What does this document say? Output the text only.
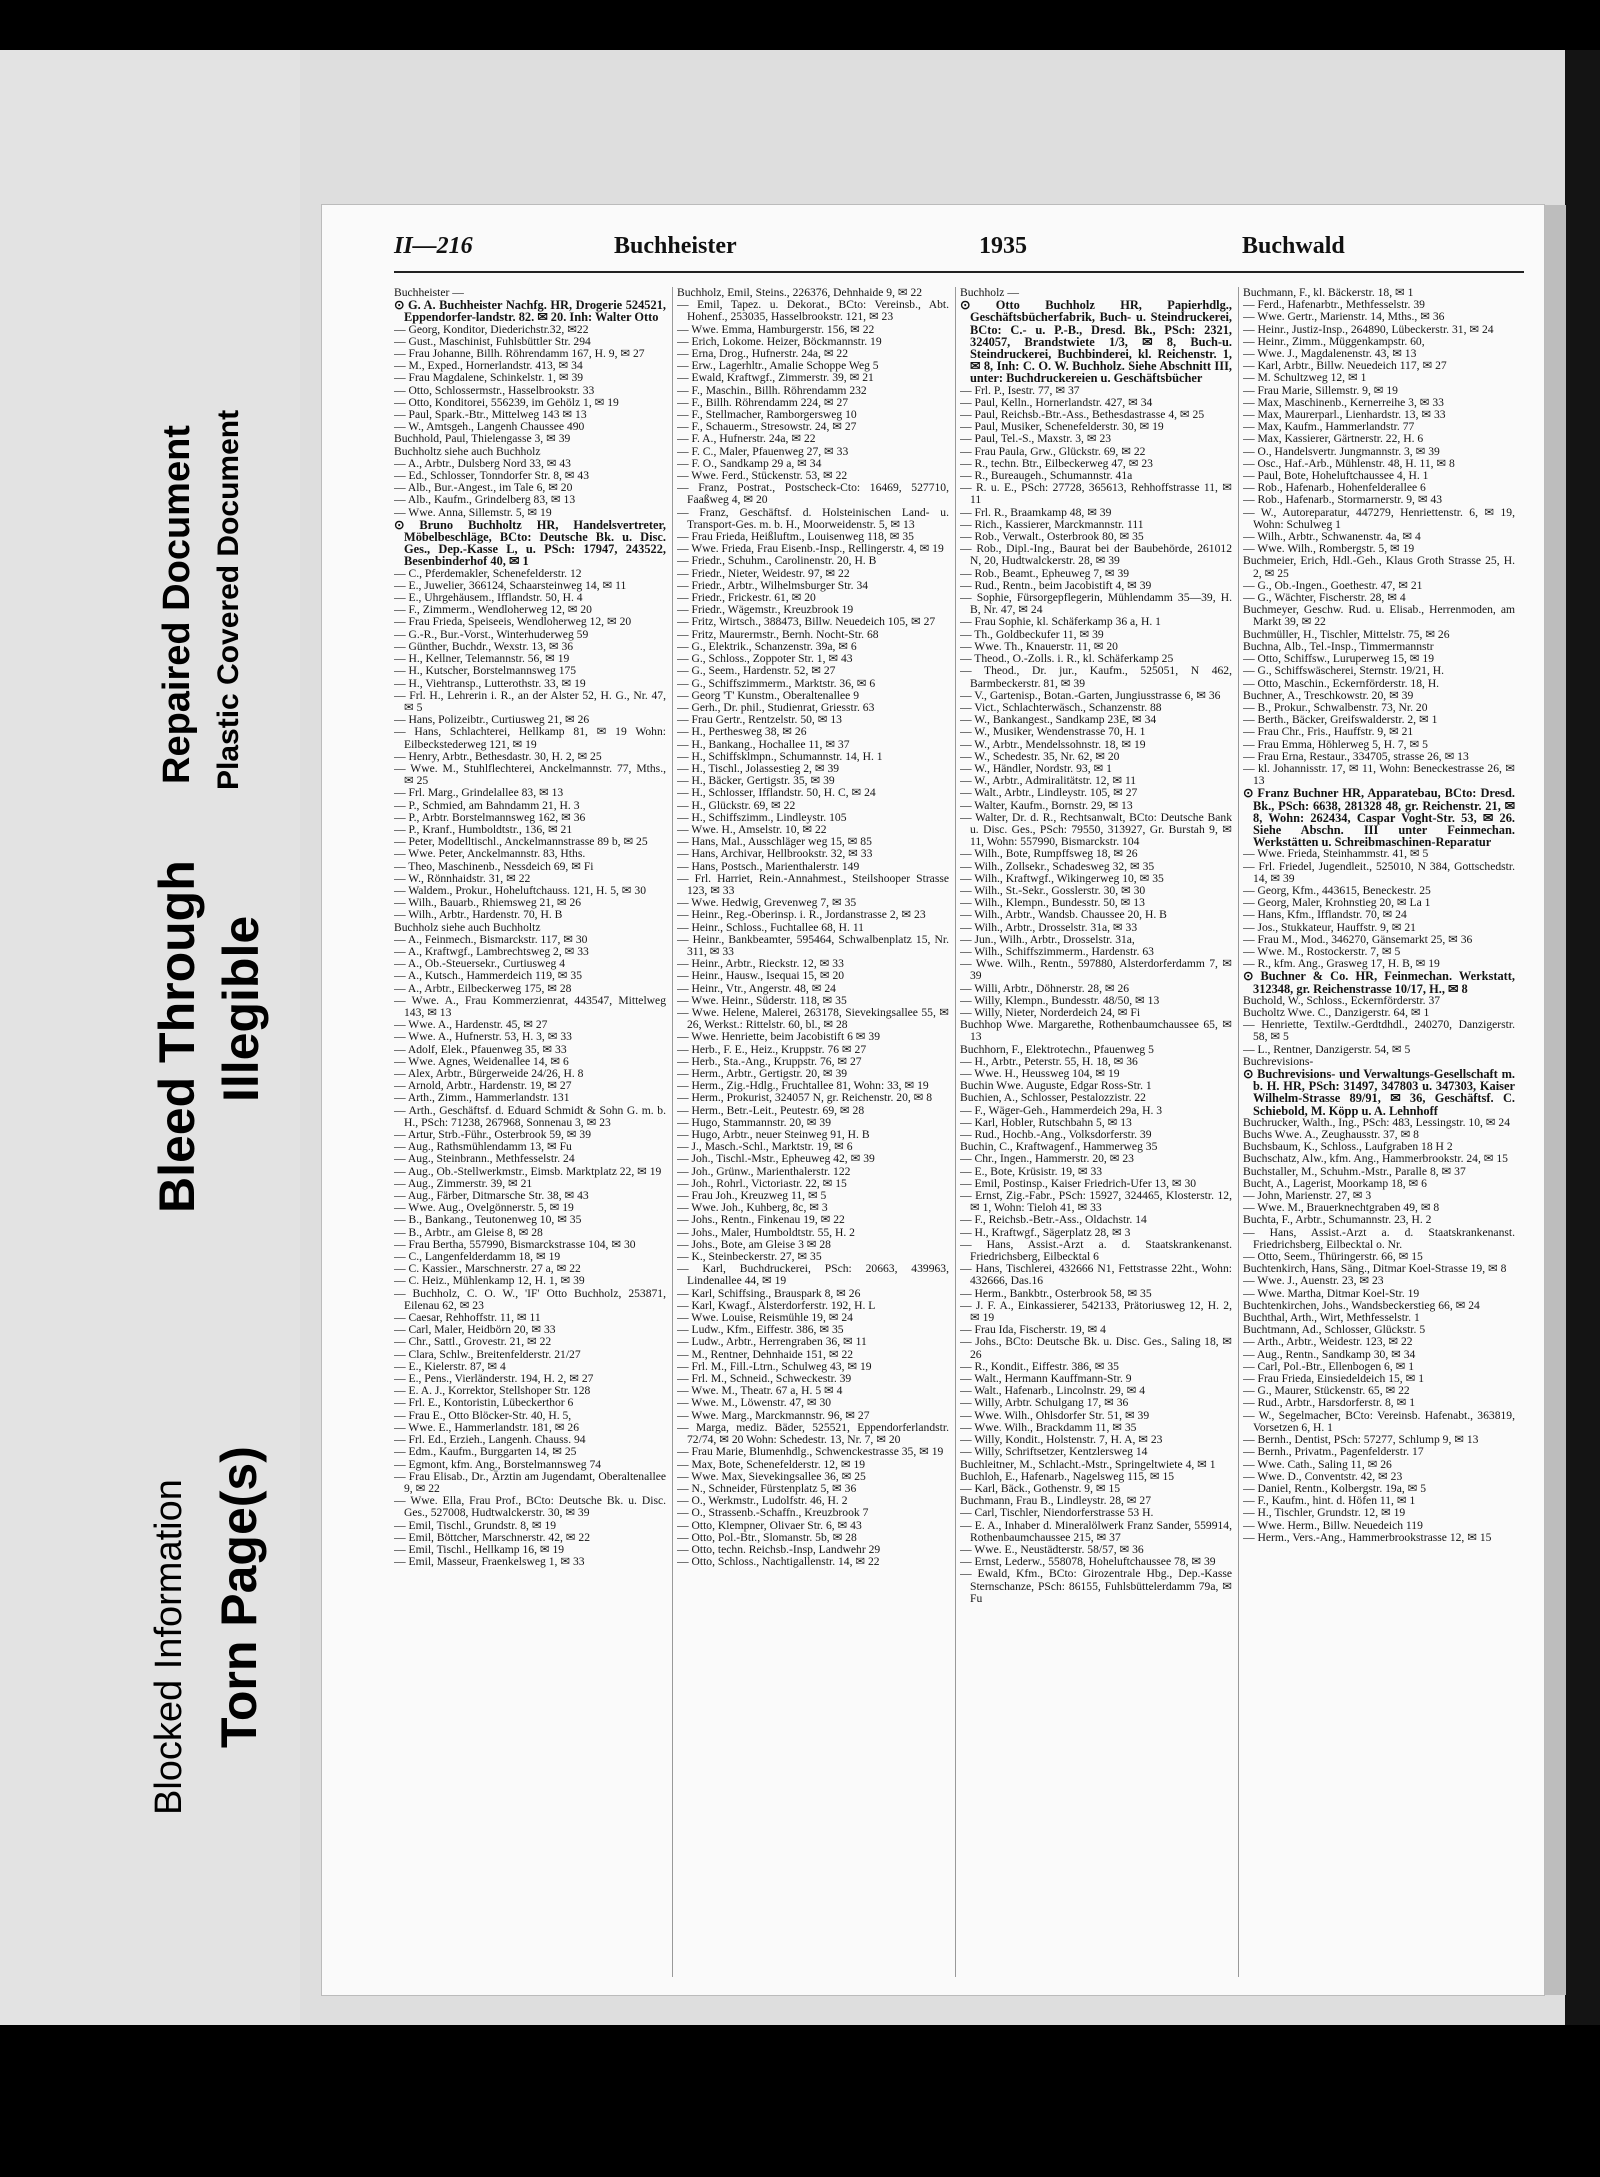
Blocked Information Torn Page(s)
Bleed Through Illegible
Repaired Document Plastic Covered Document
II—216	Buchheister	1935	Buchwald

Buchheister —

⊙ G. A. Buchheister Nachfg. HR, Drogerie 524521, Eppendorfer-landstr. 82. ✉ 20. Inh: Walter Otto

— Georg, Konditor, Diederichstr.32, ✉22

— Gust., Maschinist, Fuhlsbüttler Str. 294

— Frau Johanne, Billh. Röhrendamm 167, H. 9, ✉ 27

— M., Exped., Hornerlandstr. 413, ✉ 34

— Frau Magdalene, Schinkelstr. 1, ✉ 39

— Otto, Schlossermstr., Hasselbrookstr. 33

— Otto, Konditorei, 556239, im Gehölz 1, ✉ 19

— Paul, Spark.-Btr., Mittelweg 143 ✉ 13

— W., Amtsgeh., Langenh Chaussee 490

Buchhold, Paul, Thielengasse 3, ✉ 39

Buchholtz siehe auch Buchholz

— A., Arbtr., Dulsberg Nord 33, ✉ 43

— Ed., Schlosser, Tonndorfer Str. 8, ✉ 43

— Alb., Bur.-Angest., im Tale 6, ✉ 20

— Alb., Kaufm., Grindelberg 83, ✉ 13

— Wwe. Anna, Sillemstr. 5, ✉ 19

⊙ Bruno Buchholtz HR, Handelsvertreter, Möbelbeschläge, BCto: Deutsche Bk. u. Disc. Ges., Dep.-Kasse L, u. PSch: 17947, 243522, Besenbinderhof 40, ✉ 1

— C., Pferdemakler, Schenefelderstr. 12

— E., Juwelier, 366124, Schaarsteinweg 14, ✉ 11

— E., Uhrgehäusem., Ifflandstr. 50, H. 4

— F., Zimmerm., Wendloherweg 12, ✉ 20

— Frau Frieda, Speiseeis, Wendloherweg 12, ✉ 20

— G.-R., Bur.-Vorst., Winterhuderweg 59

— Günther, Buchdr., Wexstr. 13, ✉ 36

— H., Kellner, Telemannstr. 56, ✉ 19

— H., Kutscher, Borstelmannsweg 175

— H., Viehtransp., Lutterothstr. 33, ✉ 19

— Frl. H., Lehrerin i. R., an der Alster 52, H. G., Nr. 47, ✉ 5

— Hans, Polizeibtr., Curtiusweg 21, ✉ 26

— Hans, Schlachterei, Hellkamp 81, ✉ 19 Wohn: Eilbeckstederweg 121, ✉ 19

— Henry, Arbtr., Bethesdastr. 30, H. 2, ✉ 25

— Wwe. M., Stuhlflechterei, Anckelmannstr. 77, Mths., ✉ 25

— Frl. Marg., Grindelallee 83, ✉ 13

— P., Schmied, am Bahndamm 21, H. 3

— P., Arbtr. Borstelmannsweg 162, ✉ 36

— P., Kranf., Humboldtstr., 136, ✉ 21

— Peter, Modelltischl., Anckelmannstrasse 89 b, ✉ 25

— Wwe. Peter, Anckelmannstr. 83, Hths.

— Theo, Maschinenb., Nessdeich 69, ✉ Fi

— W., Rönnhaidstr. 31, ✉ 22

— Waldem., Prokur., Hoheluftchauss. 121, H. 5, ✉ 30

— Wilh., Bauarb., Rhiemsweg 21, ✉ 26

— Wilh., Arbtr., Hardenstr. 70, H. B

Buchholz siehe auch Buchholtz

— A., Feinmech., Bismarckstr. 117, ✉ 30

— A., Kraftwgf., Lambrechtsweg 2, ✉ 33

— A., Ob.-Steuersekr., Curtiusweg 4

— A., Kutsch., Hammerdeich 119, ✉ 35

— A., Arbtr., Eilbeckerweg 175, ✉ 28

— Wwe. A., Frau Kommerzienrat, 443547, Mittelweg 143, ✉ 13

— Wwe. A., Hardenstr. 45, ✉ 27

— Wwe. A., Hufnerstr. 53, H. 3, ✉ 33

— Adolf, Elek., Pfauenweg 35, ✉ 33

— Wwe. Agnes, Weidenallee 14, ✉ 6

— Alex, Arbtr., Bürgerweide 24/26, H. 8

— Arnold, Arbtr., Hardenstr. 19, ✉ 27

— Arth., Zimm., Hammerlandstr. 131

— Arth., Geschäftsf. d. Eduard Schmidt & Sohn G. m. b. H., PSch: 71238, 267968, Sonnenau 3, ✉ 23

— Artur, Strb.-Führ., Osterbrook 59, ✉ 39

— Aug., Rathsmühlendamm 13, ✉ Fu

— Aug., Steinbrann., Methfesselstr. 24

— Aug., Ob.-Stellwerkmstr., Eimsb. Marktplatz 22, ✉ 19

— Aug., Zimmerstr. 39, ✉ 21

— Aug., Färber, Ditmarsche Str. 38, ✉ 43

— Wwe. Aug., Ovelgönnerstr. 5, ✉ 19

— B., Bankang., Teutonenweg 10, ✉ 35

— B., Arbtr., am Gleise 8, ✉ 28

— Frau Bertha, 557990, Bismarckstrasse 104, ✉ 30

— C., Langenfelderdamm 18, ✉ 19

— C. Kassier., Marschnerstr. 27 a, ✉ 22

— C. Heiz., Mühlenkamp 12, H. 1, ✉ 39

— Buchholz, C. O. W., 'IF' Otto Buchholz, 253871, Eilenau 62, ✉ 23

— Caesar, Rehhoffstr. 11, ✉ 11

— Carl, Maler, Heidbörn 20, ✉ 33

— Chr., Sattl., Grovestr. 21, ✉ 22

— Clara, Schlw., Breitenfelderstr. 21/27

— E., Kielerstr. 87, ✉ 4

— E., Pens., Vierländerstr. 194, H. 2, ✉ 27

— E. A. J., Korrektor, Stellshoper Str. 128

— Frl. E., Kontoristin, Lübeckerthor 6

— Frau E., Otto Blöcker-Str. 40, H. 5,

— Wwe. E., Hammerlandstr. 181, ✉ 26

— Frl. Ed., Erzieh., Langenh. Chauss. 94

— Edm., Kaufm., Burggarten 14, ✉ 25

— Egmont, kfm. Ang., Borstelmannsweg 74

— Frau Elisab., Dr., Ärztin am Jugendamt, Oberaltenallee 9, ✉ 22

— Wwe. Ella, Frau Prof., BCto: Deutsche Bk. u. Disc. Ges., 527008, Hudtwalckerstr. 30, ✉ 39

— Emil, Tischl., Grundstr. 8, ✉ 19

— Emil, Böttcher, Marschnerstr. 42, ✉ 22

— Emil, Tischl., Hellkamp 16, ✉ 19

— Emil, Masseur, Fraenkelsweg 1, ✉ 33

Buchholz, Emil, Steins., 226376, Dehnhaide 9, ✉ 22

— Emil, Tapez. u. Dekorat., BCto: Vereinsb., Abt. Hohenf., 253035, Hasselbrookstr. 121, ✉ 23

— Wwe. Emma, Hamburgerstr. 156, ✉ 22

— Erich, Lokome. Heizer, Böckmannstr. 19

— Erna, Drog., Hufnerstr. 24a, ✉ 22

— Erw., Lagerhltr., Amalie Schoppe Weg 5

— Ewald, Kraftwgf., Zimmerstr. 39, ✉ 21

— F., Maschin., Billh. Röhrendamm 232

— F., Billh. Röhrendamm 224, ✉ 27

— F., Stellmacher, Ramborgersweg 10

— F., Schauerm., Stresowstr. 24, ✉ 27

— F. A., Hufnerstr. 24a, ✉ 22

— F. C., Maler, Pfauenweg 27, ✉ 33

— F. O., Sandkamp 29 a, ✉ 34

— Wwe. Ferd., Stückenstr. 53, ✉ 22

— Franz, Postrat., Postscheck-Cto: 16469, 527710, Faaßweg 4, ✉ 20

— Franz, Geschäftsf. d. Holsteinischen Land- u. Transport-Ges. m. b. H., Moorweidenstr. 5, ✉ 13

— Frau Frieda, Heißluftm., Louisenweg 118, ✉ 35

— Wwe. Frieda, Frau Eisenb.-Insp., Rellingerstr. 4, ✉ 19

— Friedr., Schuhm., Carolinenstr. 20, H. B

— Friedr., Nieter, Weidestr. 97, ✉ 22

— Friedr., Arbtr., Wilhelmsburger Str. 34

— Friedr., Frickestr. 61, ✉ 20

— Friedr., Wägemstr., Kreuzbrook 19

— Fritz, Wirtsch., 388473, Billw. Neuedeich 105, ✉ 27

— Fritz, Maurermstr., Bernh. Nocht-Str. 68

— G., Elektrik., Schanzenstr. 39a, ✉ 6

— G., Schloss., Zoppoter Str. 1, ✉ 43

— G., Seem., Hardenstr. 52, ✉ 27

— G., Schiffszimmerm., Marktstr. 36, ✉ 6

— Georg 'T' Kunstm., Oberaltenallee 9

— Gerh., Dr. phil., Studienrat, Griesstr. 63

— Frau Gertr., Rentzelstr. 50, ✉ 13

— H., Perthesweg 38, ✉ 26

— H., Bankang., Hochallee 11, ✉ 37

— H., Schiffsklmpn., Schumannstr. 14, H. 1

— H., Tischl., Jolassestieg 2, ✉ 39

— H., Bäcker, Gertigstr. 35, ✉ 39

— H., Schlosser, Ifflandstr. 50, H. C, ✉ 24

— H., Glückstr. 69, ✉ 22

— H., Schiffszimm., Lindleystr. 105

— Wwe. H., Amselstr. 10, ✉ 22

— Hans, Mal., Ausschläger weg 15, ✉ 85

— Hans, Archivar, Hellbrookstr. 32, ✉ 33

— Hans, Postsch., Marienthalerstr. 149

— Frl. Harriet, Rein.-Annahmest., Steilshooper Strasse 123, ✉ 33

— Wwe. Hedwig, Grevenweg 7, ✉ 35

— Heinr., Reg.-Oberinsp. i. R., Jordanstrasse 2, ✉ 23

— Heinr., Schloss., Fuchtallee 68, H. 11

— Heinr., Bankbeamter, 595464, Schwalbenplatz 15, Nr. 311, ✉ 33

— Heinr., Arbtr., Rieckstr. 12, ✉ 33

— Heinr., Hausw., Isequai 15, ✉ 20

— Heinr., Vtr., Angerstr. 48, ✉ 24

— Wwe. Heinr., Süderstr. 118, ✉ 35

— Wwe. Helene, Malerei, 263178, Sievekingsallee 55, ✉ 26, Werkst.: Rittelstr. 60, bl., ✉ 28

— Wwe. Henriette, beim Jacobistift 6 ✉ 39

— Herb., F. E., Heiz., Kruppstr. 76 ✉ 27

— Herb., Sta.-Ang., Kruppstr. 76, ✉ 27

— Herm., Arbtr., Gertigstr. 20, ✉ 39

— Herm., Zig.-Hdlg., Fruchtallee 81, Wohn: 33, ✉ 19

— Herm., Prokurist, 324057 N, gr. Reichenstr. 20, ✉ 8

— Herm., Betr.-Leit., Peutestr. 69, ✉ 28

— Hugo, Stammannstr. 20, ✉ 39

— Hugo, Arbtr., neuer Steinweg 91, H. B

— J., Masch.-Schl., Marktstr. 19, ✉ 6

— Joh., Tischl.-Mstr., Epheuweg 42, ✉ 39

— Joh., Grünw., Marienthalerstr. 122

— Joh., Rohrl., Victoriastr. 22, ✉ 15

— Frau Joh., Kreuzweg 11, ✉ 5

— Wwe. Joh., Kuhberg, 8c, ✉ 3

— Johs., Rentn., Finkenau 19, ✉ 22

— Johs., Maler, Humboldtstr. 55, H. 2

— Johs., Bote, am Gleise 3 ✉ 28

— K., Steinbeckerstr. 27, ✉ 35

— Karl, Buchdruckerei, PSch: 20663, 439963, Lindenallee 44, ✉ 19

— Karl, Schiffsing., Brauspark 8, ✉ 26

— Karl, Kwagf., Alsterdorferstr. 192, H. L

— Wwe. Louise, Reismühle 19, ✉ 24

— Ludw., Kfm., Eiffestr. 386, ✉ 35

— Ludw., Arbtr., Herrengraben 36, ✉ 11

— M., Rentner, Dehnhaide 151, ✉ 22

— Frl. M., Fill.-Ltrn., Schulweg 43, ✉ 19

— Frl. M., Schneid., Schweckestr. 39

— Wwe. M., Theatr. 67 a, H. 5 ✉ 4

— Wwe. M., Löwenstr. 47, ✉ 30

— Wwe. Marg., Marckmannstr. 96, ✉ 27

— Marga, mediz. Bäder, 525521, Eppendorferlandstr. 72/74, ✉ 20 Wohn: Schedestr. 13, Nr. 7, ✉ 20

— Frau Marie, Blumenhdlg., Schwenckestrasse 35, ✉ 19

— Max, Bote, Schenefelderstr. 12, ✉ 19

— Wwe. Max, Sievekingsallee 36, ✉ 25

— N., Schneider, Fürstenplatz 5, ✉ 36

— O., Werkmstr., Ludolfstr. 46, H. 2

— O., Strassenb.-Schaffn., Kreuzbrook 7

— Otto, Klempner, Olivaer Str. 6, ✉ 43

— Otto, Pol.-Btr., Slomanstr. 5b, ✉ 28

— Otto, techn. Reichsb.-Insp, Landwehr 29

— Otto, Schloss., Nachtigallenstr. 14, ✉ 22

Buchholz —

⊙ Otto Buchholz HR, Papierhdlg., Geschäftsbücherfabrik, Buch- u. Steindruckerei, BCto: C.- u. P.-B., Dresd. Bk., PSch: 2321, 324057, Brandstwiete 1/3, ✉ 8, Buch-u. Steindruckerei, Buchbinderei, kl. Reichenstr. 1, ✉ 8, Inh: C. O. W. Buchholz. Siehe Abschnitt III, unter: Buchdruckereien u. Geschäftsbücher

— Frl. P., Isestr. 77, ✉ 37

— Paul, Kelln., Hornerlandstr. 427, ✉ 34

— Paul, Reichsb.-Btr.-Ass., Bethesdastrasse 4, ✉ 25

— Paul, Musiker, Schenefelderstr. 30, ✉ 19

— Paul, Tel.-S., Maxstr. 3, ✉ 23

— Frau Paula, Grw., Glückstr. 69, ✉ 22

— R., techn. Btr., Eilbeckerweg 47, ✉ 23

— R., Bureaugeh., Schumannstr. 41a

— R. u. E., PSch: 27728, 365613, Rehhoffstrasse 11, ✉ 11

— Frl. R., Braamkamp 48, ✉ 39

— Rich., Kassierer, Marckmannstr. 111

— Rob., Verwalt., Osterbrook 80, ✉ 35

— Rob., Dipl.-Ing., Baurat bei der Baubehörde, 261012 N, 20, Hudtwalckerstr. 28, ✉ 39

— Rob., Beamt., Epheuweg 7, ✉ 39

— Rud., Rentn., beim Jacobistift 4, ✉ 39

— Sophie, Fürsorgepflegerin, Mühlendamm 35—39, H. B, Nr. 47, ✉ 24

— Frau Sophie, kl. Schäferkamp 36 a, H. 1

— Th., Goldbeckufer 11, ✉ 39

— Wwe. Th., Knauerstr. 11, ✉ 20

— Theod., O.-Zolls. i. R., kl. Schäferkamp 25

— Theod., Dr. jur., Kaufm., 525051, N 462, Barmbeckerstr. 81, ✉ 39

— V., Gartenisp., Botan.-Garten, Jungiusstrasse 6, ✉ 36

— Vict., Schlachterwäsch., Schanzenstr. 88

— W., Bankangest., Sandkamp 23E, ✉ 34

— W., Musiker, Wendenstrasse 70, H. 1

— W., Arbtr., Mendelssohnstr. 18, ✉ 19

— W., Schedestr. 35, Nr. 62, ✉ 20

— W., Händler, Nordstr. 93, ✉ 1

— W., Arbtr., Admiralitätstr. 12, ✉ 11

— Walt., Arbtr., Lindleystr. 105, ✉ 27

— Walter, Kaufm., Bornstr. 29, ✉ 13

— Walter, Dr. d. R., Rechtsanwalt, BCto: Deutsche Bank u. Disc. Ges., PSch: 79550, 313927, Gr. Burstah 9, ✉ 11, Wohn: 557990, Bismarckstr. 104

— Wilh., Bote, Rumpffsweg 18, ✉ 26

— Wilh., Zollsekr., Schadesweg 32, ✉ 35

— Wilh., Kraftwgf., Wikingerweg 10, ✉ 35

— Wilh., St.-Sekr., Gosslerstr. 30, ✉ 30

— Wilh., Klempn., Bundesstr. 50, ✉ 13

— Wilh., Arbtr., Wandsb. Chaussee 20, H. B

— Wilh., Arbtr., Drosselstr. 31a, ✉ 33

— Jun., Wilh., Arbtr., Drosselstr. 31a,

— Wilh., Schiffszimmerm., Hardenstr. 63

— Wwe. Wilh., Rentn., 597880, Alsterdorferdamm 7, ✉ 39

— Willi, Arbtr., Döhnerstr. 28, ✉ 26

— Willy, Klempn., Bundesstr. 48/50, ✉ 13

— Willy, Nieter, Norderdeich 24, ✉ Fi

Buchhop Wwe. Margarethe, Rothenbaumchaussee 65, ✉ 13

Buchhorn, F., Elektrotechn., Pfauenweg 5

— H., Arbtr., Peterstr. 55, H. 18, ✉ 36

— Wwe. H., Heussweg 104, ✉ 19

Buchin Wwe. Auguste, Edgar Ross-Str. 1

Buchien, A., Schlosser, Pestalozzistr. 22

— F., Wäger-Geh., Hammerdeich 29a, H. 3

— Karl, Hobler, Rutschbahn 5, ✉ 13

— Rud., Hochb.-Ang., Volksdorferstr. 39

Buchin, C., Kraftwagenf., Hammerweg 35

— Chr., Ingen., Hammerstr. 20, ✉ 23

— E., Bote, Krüsistr. 19, ✉ 33

— Emil, Postinsp., Kaiser Friedrich-Ufer 13, ✉ 30

— Ernst, Zig.-Fabr., PSch: 15927, 324465, Klosterstr. 12, ✉ 1, Wohn: Tieloh 41, ✉ 33

— F., Reichsb.-Betr.-Ass., Oldachstr. 14

— H., Kraftwgf., Sägerplatz 28, ✉ 3

— Hans, Assist.-Arzt a. d. Staatskrankenanst. Friedrichsberg, Eilbecktal 6

— Hans, Tischlerei, 432666 N1, Fettstrasse 22ht., Wohn: 432666, Das.16

— Herm., Bankbtr., Osterbrook 58, ✉ 35

— J. F. A., Einkassierer, 542133, Prätoriusweg 12, H. 2, ✉ 19

— Frau Ida, Fischerstr. 19, ✉ 4

— Johs., BCto: Deutsche Bk. u. Disc. Ges., Saling 18, ✉ 26

— R., Kondit., Eiffestr. 386, ✉ 35

— Walt., Hermann Kauffmann-Str. 9

— Walt., Hafenarb., Lincolnstr. 29, ✉ 4

— Willy, Arbtr. Schulgang 17, ✉ 36

— Wwe. Wilh., Ohlsdorfer Str. 51, ✉ 39

— Wwe. Wilh., Brackdamm 11, ✉ 35

— Willy, Kondit., Holstenstr. 7, H. A, ✉ 23

— Willy, Schriftsetzer, Kentzlersweg 14

Buchleitner, M., Schlacht.-Mstr., Springeltwiete 4, ✉ 1

Buchloh, E., Hafenarb., Nagelsweg 115, ✉ 15

— Karl, Bäck., Gothenstr. 9, ✉ 15

Buchmann, Frau B., Lindleystr. 28, ✉ 27

— Carl, Tischler, Niendorferstrasse 53 H.

— E. A., Inhaber d. Mineralölwerk Franz Sander, 559914, Rothenbaumchaussee 215, ✉ 37

— Wwe. E., Neustädterstr. 58/57, ✉ 36

— Ernst, Lederw., 558078, Hoheluftchaussee 78, ✉ 39

— Ewald, Kfm., BCto: Girozentrale Hbg., Dep.-Kasse Sternschanze, PSch: 86155, Fuhlsbüttelerdamm 79a, ✉ Fu

Buchmann, F., kl. Bäckerstr. 18, ✉ 1

— Ferd., Hafenarbtr., Methfesselstr. 39

— Wwe. Gertr., Marienstr. 14, Mths., ✉ 36

— Heinr., Justiz-Insp., 264890, Lübeckerstr. 31, ✉ 24

— Heinr., Zimm., Müggenkampstr. 60,

— Wwe. J., Magdalenenstr. 43, ✉ 13

— Karl, Arbtr., Billw. Neuedeich 117, ✉ 27

— M. Schultzweg 12, ✉ 1

— Frau Marie, Sillemstr. 9, ✉ 19

— Max, Maschinenb., Kernerreihe 3, ✉ 33

— Max, Maurerparl., Lienhardstr. 13, ✉ 33

— Max, Kaufm., Hammerlandstr. 77

— Max, Kassierer, Gärtnerstr. 22, H. 6

— O., Handelsvertr. Jungmannstr. 3, ✉ 39

— Osc., Haf.-Arb., Mühlenstr. 48, H. 11, ✉ 8

— Paul, Bote, Hoheluftchaussee 4, H. 1

— Rob., Hafenarb., Hohenfelderallee 6

— Rob., Hafenarb., Stormarnerstr. 9, ✉ 43

— W., Autoreparatur, 447279, Henriettenstr. 6, ✉ 19, Wohn: Schulweg 1

— Wilh., Arbtr., Schwanenstr. 4a, ✉ 4

— Wwe. Wilh., Rombergstr. 5, ✉ 19

Buchmeier, Erich, Hdl.-Geh., Klaus Groth Strasse 25, H. 2, ✉ 25

— G., Ob.-Ingen., Goethestr. 47, ✉ 21

— G., Wächter, Fischerstr. 28, ✉ 4

Buchmeyer, Geschw. Rud. u. Elisab., Herrenmoden, am Markt 39, ✉ 22

Buchmüller, H., Tischler, Mittelstr. 75, ✉ 26

Buchna, Alb., Tel.-Insp., Timmermannstr

— Otto, Schiffsw., Luruperweg 15, ✉ 19

— G., Schiffswäscherei, Sternstr. 19/21, H.

— Otto, Maschin., Eckernförderstr. 18, H.

Buchner, A., Treschkowstr. 20, ✉ 39

— B., Prokur., Schwalbenstr. 73, Nr. 20

— Berth., Bäcker, Greifswalderstr. 2, ✉ 1

— Frau Chr., Fris., Hauffstr. 9, ✉ 21

— Frau Emma, Höhlerweg 5, H. 7, ✉ 5

— Frau Erna, Restaur., 334705, strasse 26, ✉ 13

— kl. Johannisstr. 17, ✉ 11, Wohn: Beneckestrasse 26, ✉ 13

⊙ Franz Buchner HR, Apparatebau, BCto: Dresd. Bk., PSch: 6638, 281328 48, gr. Reichenstr. 21, ✉ 8, Wohn: 262434, Caspar Voght-Str. 53, ✉ 26. Siehe Abschn. III unter Feinmechan. Werkstätten u. Schreibmaschinen-Reparatur

— Wwe. Frieda, Steinhammstr. 41, ✉ 5

— Frl. Friedel, Jugendleit., 525010, N 384, Gottschedstr. 14, ✉ 39

— Georg, Kfm., 443615, Beneckestr. 25

— Georg, Maler, Krohnstieg 20, ✉ La 1

— Hans, Kfm., Ifflandstr. 70, ✉ 24

— Jos., Stukkateur, Hauffstr. 9, ✉ 21

— Frau M., Mod., 346270, Gänsemarkt 25, ✉ 36

— Wwe. M., Rostockerstr. 7, ✉ 5

— R., kfm. Ang., Grasweg 17, H. B, ✉ 19

⊙ Buchner & Co. HR, Feinmechan. Werkstatt, 312348, gr. Reichenstrasse 10/17, H., ✉ 8

Buchold, W., Schloss., Eckernförderstr. 37

Bucholtz Wwe. C., Danzigerstr. 64, ✉ 1

— Henriette, Textilw.-Gerdtdhdl., 240270, Danzigerstr. 58, ✉ 5

— L., Rentner, Danzigerstr. 54, ✉ 5

Buchrevisions-

⊙ Buchrevisions- und Verwaltungs-Gesellschaft m. b. H. HR, PSch: 31497, 347803 u. 347303, Kaiser Wilhelm-Strasse 89/91, ✉ 36, Geschäftsf. C. Schiebold, M. Köpp u. A. Lehnhoff

Buchrucker, Walth., Ing., PSch: 483, Lessingstr. 10, ✉ 24

Buchs Wwe. A., Zeughausstr. 37, ✉ 8

Buchsbaum, K., Schloss., Laufgraben 18 H 2

Buchschatz, Alw., kfm. Ang., Hammerbrookstr. 24, ✉ 15

Buchstaller, M., Schuhm.-Mstr., Paralle 8, ✉ 37

Bucht, A., Lagerist, Moorkamp 18, ✉ 6

— John, Marienstr. 27, ✉ 3

— Wwe. M., Brauerknechtgraben 49, ✉ 8

Buchta, F., Arbtr., Schumannstr. 23, H. 2

— Hans, Assist.-Arzt a. d. Staatskrankenanst. Friedrichsberg, Eilbecktal o. Nr.

— Otto, Seem., Thüringerstr. 66, ✉ 15

Buchtenkirch, Hans, Säng., Ditmar Koel-Strasse 19, ✉ 8

— Wwe. J., Auenstr. 23, ✉ 23

— Wwe. Martha, Ditmar Koel-Str. 19

Buchtenkirchen, Johs., Wandsbeckerstieg 66, ✉ 24

Buchthal, Arth., Wirt, Methfesselstr. 1

Buchtmann, Ad., Schlosser, Glückstr. 5

— Arth., Arbtr., Weidestr. 123, ✉ 22

— Aug., Rentn., Sandkamp 30, ✉ 34

— Carl, Pol.-Btr., Ellenbogen 6, ✉ 1

— Frau Frieda, Einsiedeldeich 15, ✉ 1

— G., Maurer, Stückenstr. 65, ✉ 22

— Rud., Arbtr., Harsdorferstr. 8, ✉ 1

— W., Segelmacher, BCto: Vereinsb. Hafenabt., 363819, Vorsetzen 6, H. 1

— Bernh., Dentist, PSch: 57277, Schlump 9, ✉ 13

— Bernh., Privatm., Pagenfelderstr. 17

— Wwe. Cath., Saling 11, ✉ 26

— Wwe. D., Conventstr. 42, ✉ 23

— Daniel, Rentn., Kolbergstr. 19a, ✉ 5

— F., Kaufm., hint. d. Höfen 11, ✉ 1

— H., Tischler, Grundstr. 12, ✉ 19

— Wwe. Herm., Billw. Neuedeich 119

— Herm., Vers.-Ang., Hammerbrookstrasse 12, ✉ 15
